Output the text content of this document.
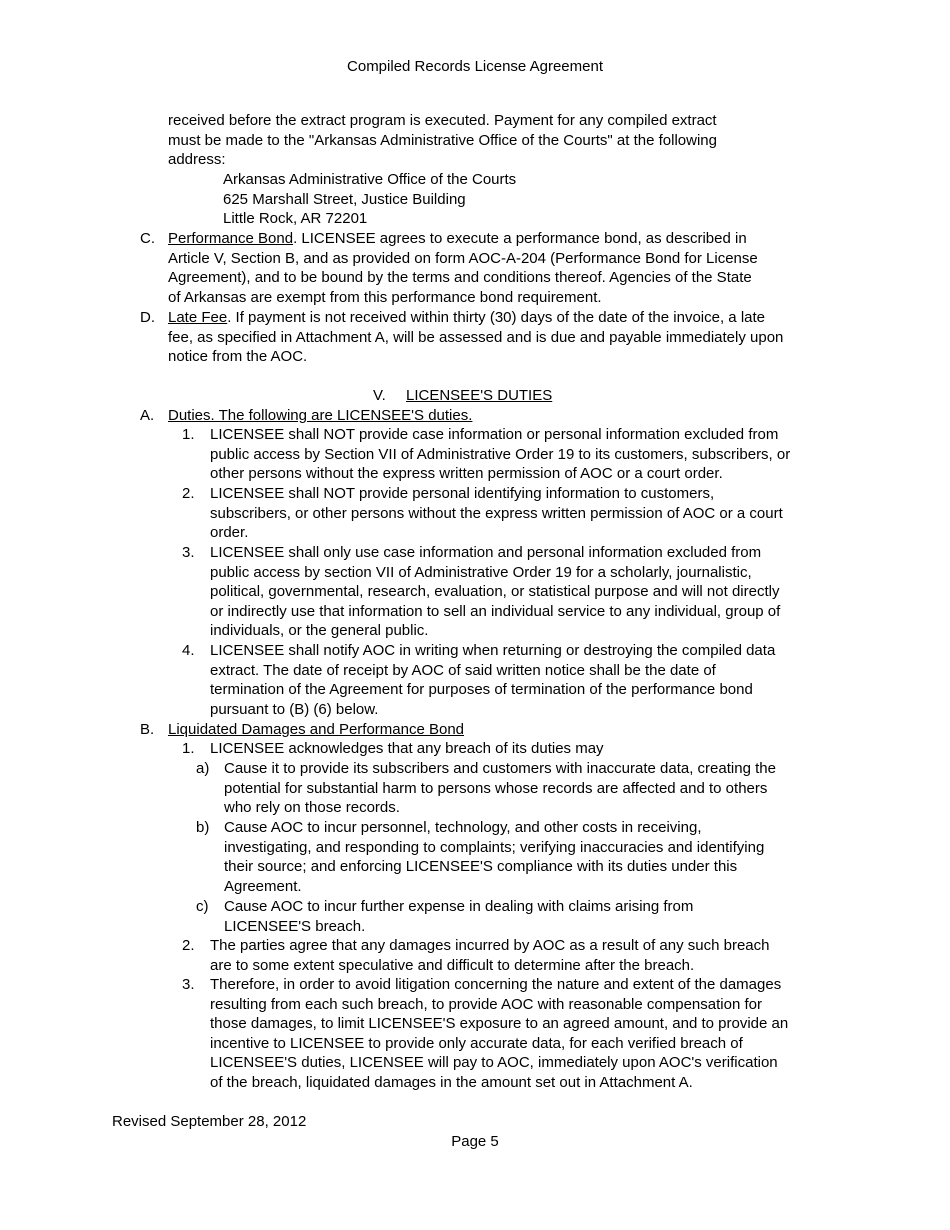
Compiled Records License Agreement
received before the extract program is executed. Payment for any compiled extract
must be made to the "Arkansas Administrative Office of the Courts" at the following
address:
Arkansas Administrative Office of the Courts
625 Marshall Street, Justice Building
Little Rock, AR 72201
C. Performance Bond. LICENSEE agrees to execute a performance bond, as described in
Article V, Section B, and as provided on form AOC-A-204 (Performance Bond for License
Agreement), and to be bound by the terms and conditions thereof. Agencies of the State
of Arkansas are exempt from this performance bond requirement.
D. Late Fee. If payment is not received within thirty (30) days of the date of the invoice, a late
fee, as specified in Attachment A, will be assessed and is due and payable immediately upon
notice from the AOC.
V. LICENSEE'S DUTIES
A. Duties. The following are LICENSEE'S duties.
1. LICENSEE shall NOT provide case information or personal information excluded from
public access by Section VII of Administrative Order 19 to its customers, subscribers, or
other persons without the express written permission of AOC or a court order.
2. LICENSEE shall NOT provide personal identifying information to customers,
subscribers, or other persons without the express written permission of AOC or a court
order.
3. LICENSEE shall only use case information and personal information excluded from
public access by section VII of Administrative Order 19 for a scholarly, journalistic,
political, governmental, research, evaluation, or statistical purpose and will not directly
or indirectly use that information to sell an individual service to any individual, group of
individuals, or the general public.
4. LICENSEE shall notify AOC in writing when returning or destroying the compiled data
extract. The date of receipt by AOC of said written notice shall be the date of
termination of the Agreement for purposes of termination of the performance bond
pursuant to (B) (6) below.
B. Liquidated Damages and Performance Bond
1. LICENSEE acknowledges that any breach of its duties may
a) Cause it to provide its subscribers and customers with inaccurate data, creating the
potential for substantial harm to persons whose records are affected and to others
who rely on those records.
b) Cause AOC to incur personnel, technology, and other costs in receiving,
investigating, and responding to complaints; verifying inaccuracies and identifying
their source; and enforcing LICENSEE'S compliance with its duties under this
Agreement.
c) Cause AOC to incur further expense in dealing with claims arising from
LICENSEE'S breach.
2. The parties agree that any damages incurred by AOC as a result of any such breach
are to some extent speculative and difficult to determine after the breach.
3. Therefore, in order to avoid litigation concerning the nature and extent of the damages
resulting from each such breach, to provide AOC with reasonable compensation for
those damages, to limit LICENSEE'S exposure to an agreed amount, and to provide an
incentive to LICENSEE to provide only accurate data, for each verified breach of
LICENSEE'S duties, LICENSEE will pay to AOC, immediately upon AOC's verification
of the breach, liquidated damages in the amount set out in Attachment A.
Revised September 28, 2012
Page 5
